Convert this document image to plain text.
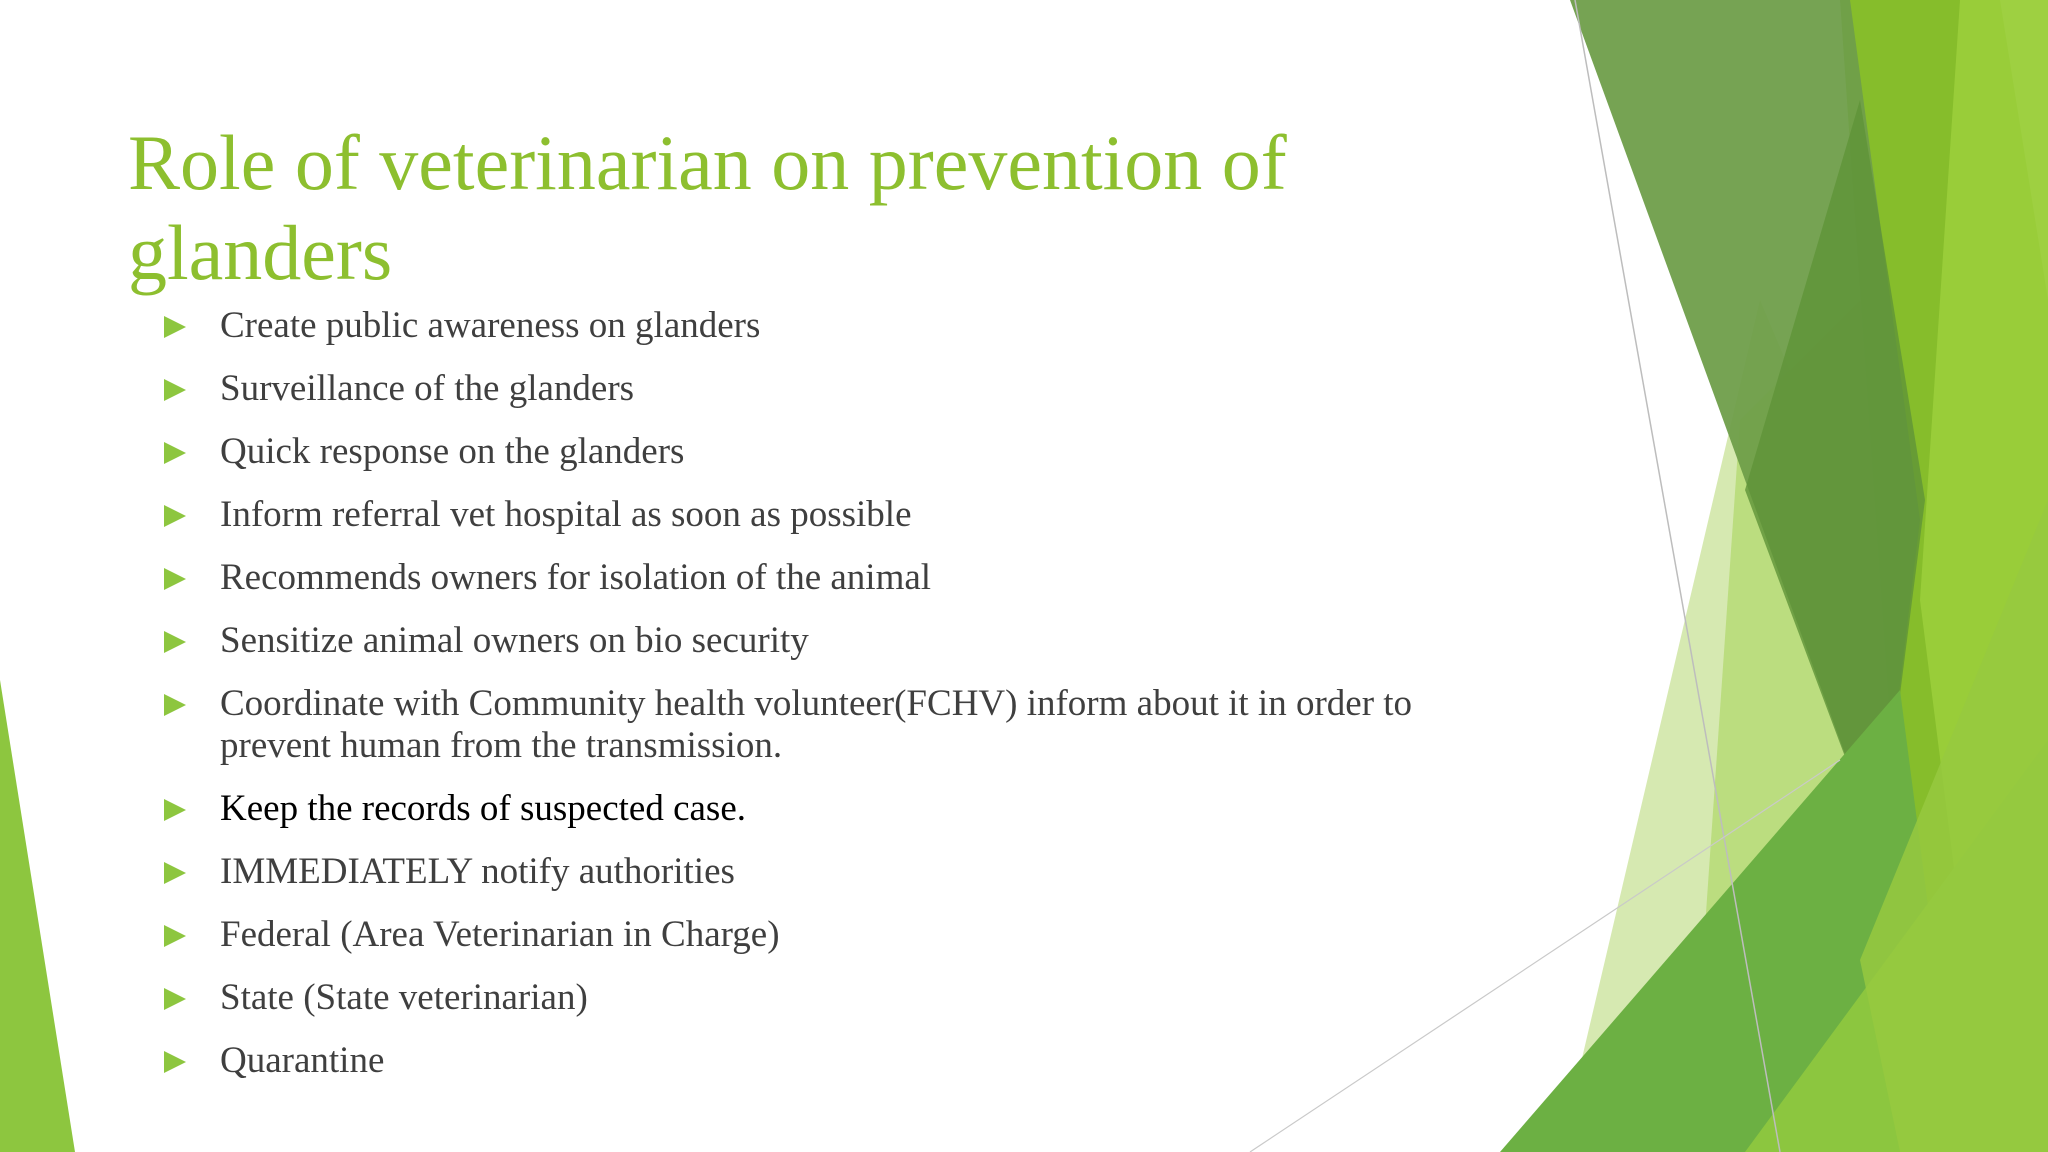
Role of veterinarian on prevention of glanders
Create public awareness on glanders
Surveillance of the glanders
Quick response on the glanders
Inform referral vet hospital as soon as possible
Recommends owners for isolation of the animal
Sensitize animal owners on bio security
Coordinate with Community health volunteer(FCHV) inform about it in order to prevent human from the transmission.
Keep the records of suspected case.
IMMEDIATELY notify authorities
Federal (Area Veterinarian in Charge)
State (State veterinarian)
Quarantine
